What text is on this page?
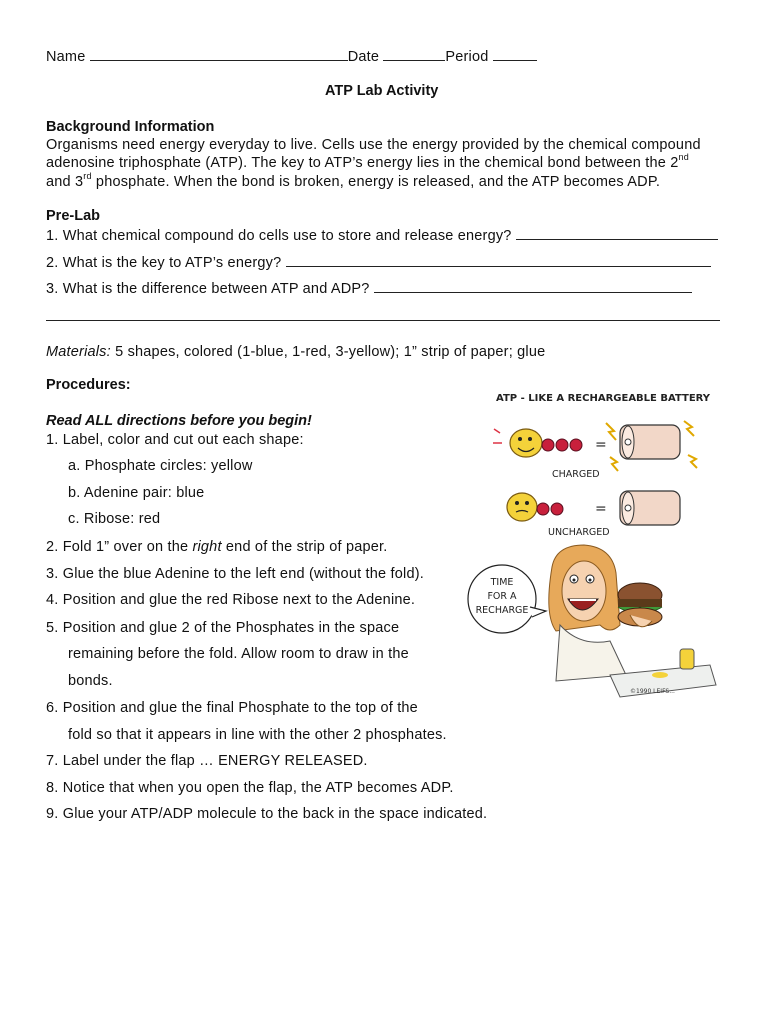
Name	Date	Period
ATP Lab Activity
Background Information
Organisms need energy everyday to live. Cells use the energy provided by the chemical compound
adenosine triphosphate (ATP). The key to ATP’s energy lies in the chemical bond between the 2nd
and 3rd phosphate. When the bond is broken, energy is released, and the ATP becomes ADP.
Pre-Lab
1. What chemical compound do cells use to store and release energy?
2. What is the key to ATP’s energy?
3. What is the difference between ATP and ADP?
Materials: 5 shapes, colored (1-blue, 1-red, 3-yellow); 1” strip of paper; glue
Procedures:
Read ALL directions before you begin!
1. Label, color and cut out each shape:
a. Phosphate circles: yellow
b. Adenine pair: blue
c. Ribose: red
2. Fold 1” over on the right end of the strip of paper.
3. Glue the blue Adenine to the left end (without the fold).
4. Position and glue the red Ribose next to the Adenine.
5. Position and glue 2 of the Phosphates in the space
remaining before the fold. Allow room to draw in the
bonds.
6. Position and glue the final Phosphate to the top of the
fold so that it appears in line with the other 2 phosphates.
7. Label under the flap … ENERGY RELEASED.
8. Notice that when you open the flap, the ATP becomes ADP.
9. Glue your ATP/ADP molecule to the back in the space indicated.
ATP - LIKE A RECHARGEABLE BATTERY
=
CHARGED
=
UNCHARGED
TIME
FOR A
RECHARGE
©1990 LEIFS...
